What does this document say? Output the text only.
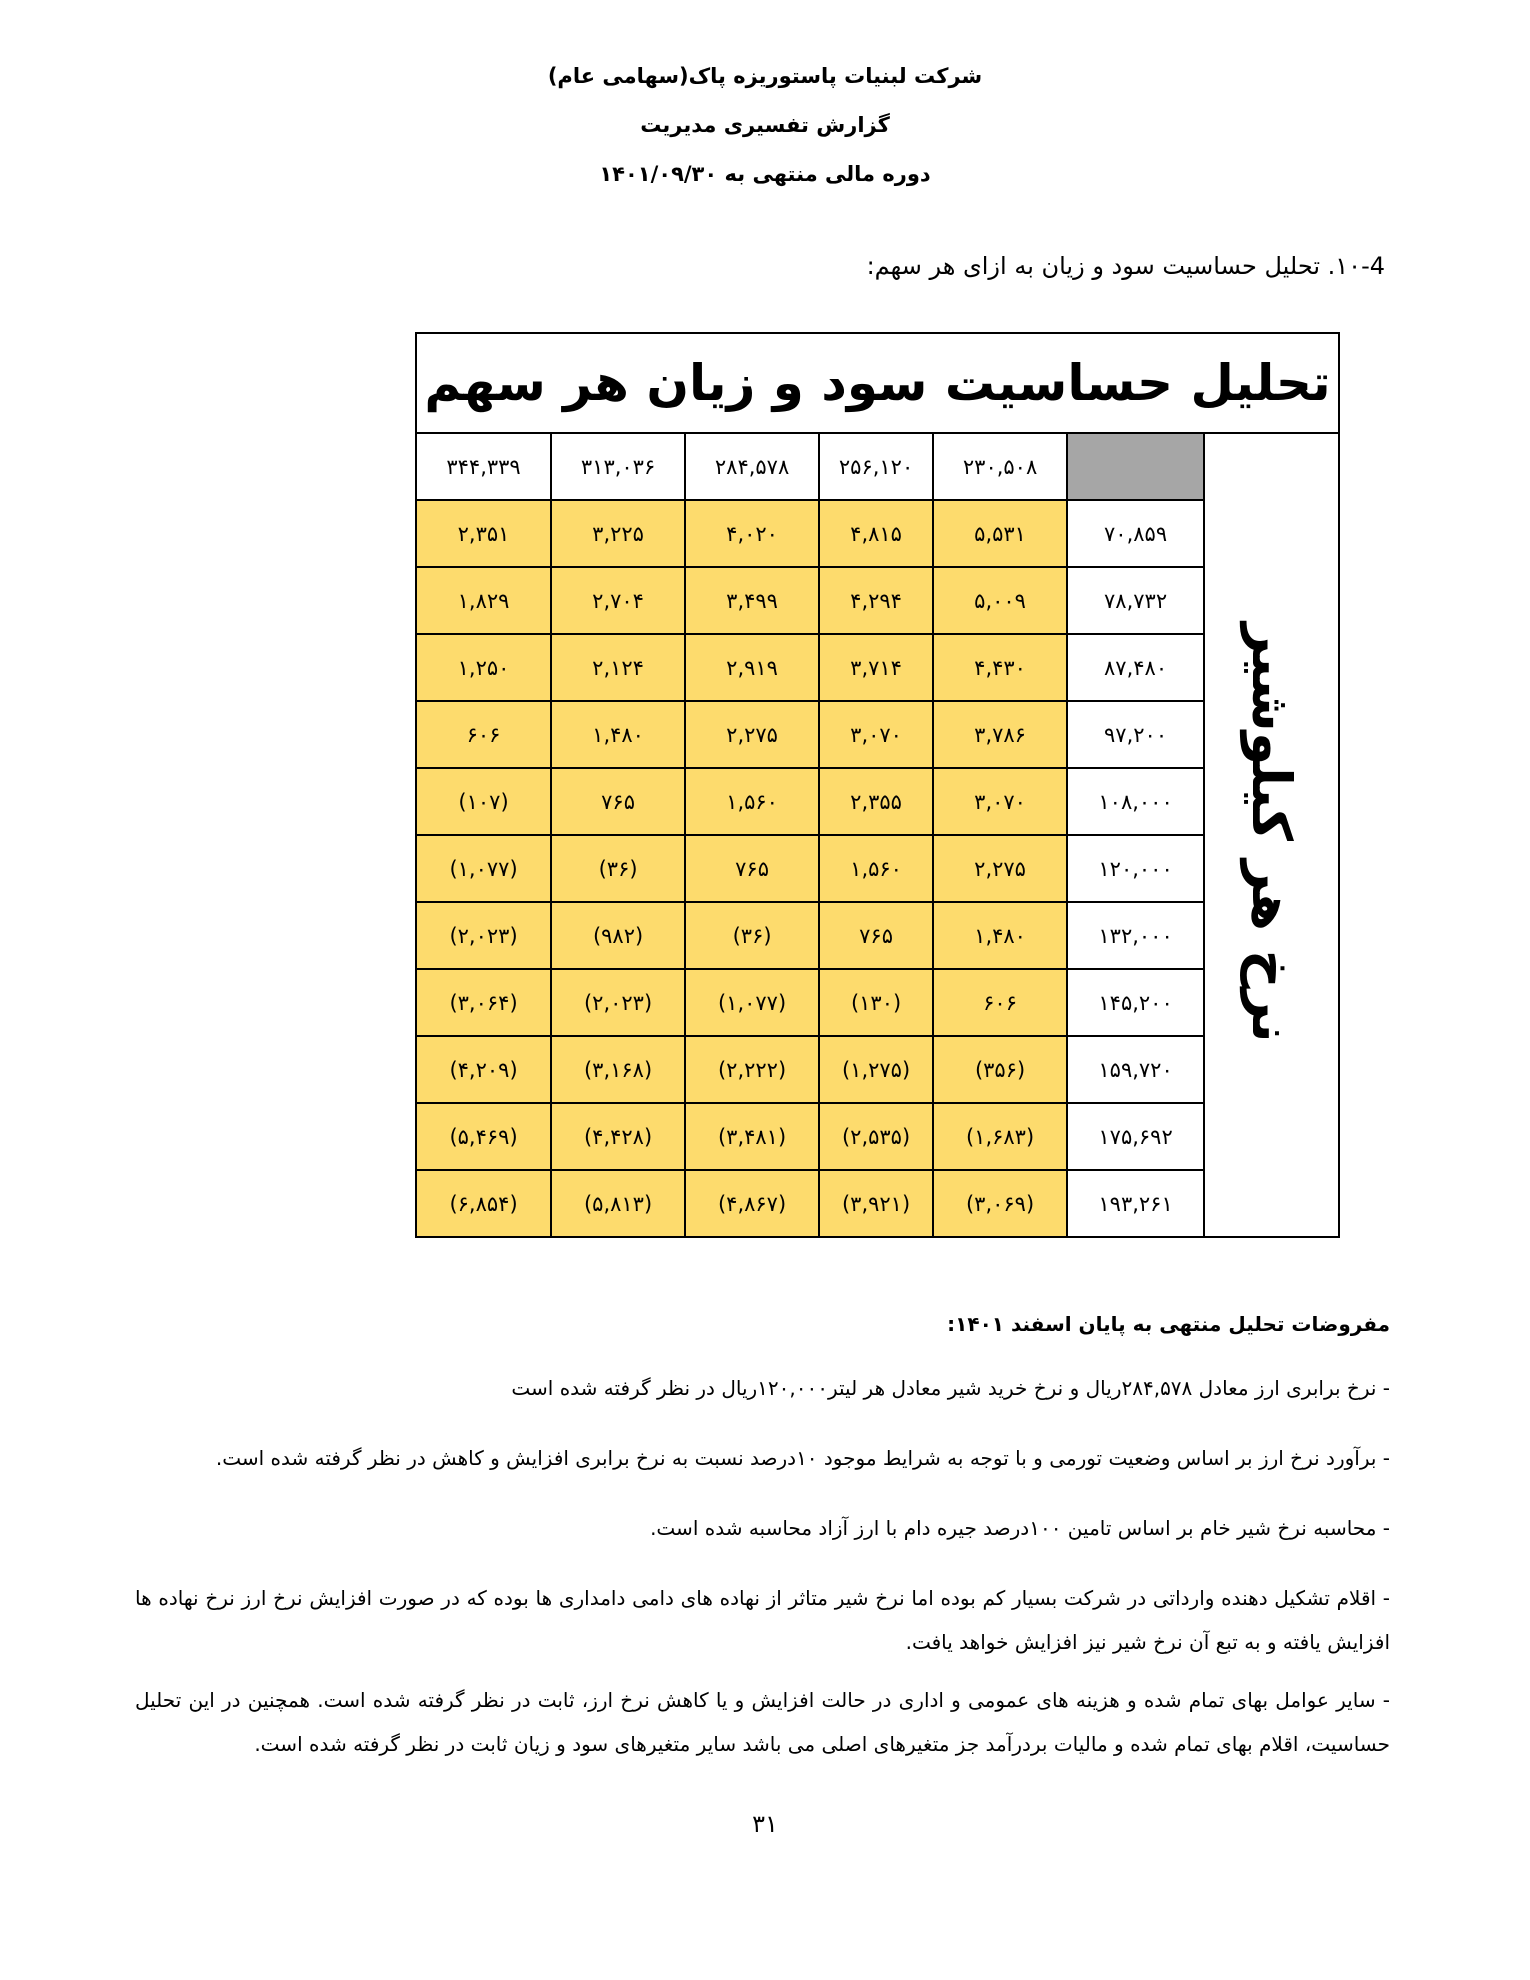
شرکت لبنیات پاستوریزه پاک(سهامی عام)
گزارش تفسیری مدیریت
دوره مالی منتهی به ۱۴۰۱/۰۹/۳۰
۱۰-4. تحلیل حساسیت سود و زیان به ازای هر سهم:
تحلیل حساسیت سود و زیان هر سهم						
نرخ هر کیلوشیر		۲۳۰,۵۰۸	۲۵۶,۱۲۰	۲۸۴,۵۷۸	۳۱۳,۰۳۶	۳۴۴,۳۳۹
	۷۰,۸۵۹	۵,۵۳۱	۴,۸۱۵	۴,۰۲۰	۳,۲۲۵	۲,۳۵۱
	۷۸,۷۳۲	۵,۰۰۹	۴,۲۹۴	۳,۴۹۹	۲,۷۰۴	۱,۸۲۹
	۸۷,۴۸۰	۴,۴۳۰	۳,۷۱۴	۲,۹۱۹	۲,۱۲۴	۱,۲۵۰
	۹۷,۲۰۰	۳,۷۸۶	۳,۰۷۰	۲,۲۷۵	۱,۴۸۰	۶۰۶
	۱۰۸,۰۰۰	۳,۰۷۰	۲,۳۵۵	۱,۵۶۰	۷۶۵	(۱۰۷)
	۱۲۰,۰۰۰	۲,۲۷۵	۱,۵۶۰	۷۶۵	(۳۶)	(۱,۰۷۷)
	۱۳۲,۰۰۰	۱,۴۸۰	۷۶۵	(۳۶)	(۹۸۲)	(۲,۰۲۳)
	۱۴۵,۲۰۰	۶۰۶	(۱۳۰)	(۱,۰۷۷)	(۲,۰۲۳)	(۳,۰۶۴)
	۱۵۹,۷۲۰	(۳۵۶)	(۱,۲۷۵)	(۲,۲۲۲)	(۳,۱۶۸)	(۴,۲۰۹)
	۱۷۵,۶۹۲	(۱,۶۸۳)	(۲,۵۳۵)	(۳,۴۸۱)	(۴,۴۲۸)	(۵,۴۶۹)
	۱۹۳,۲۶۱	(۳,۰۶۹)	(۳,۹۲۱)	(۴,۸۶۷)	(۵,۸۱۳)	(۶,۸۵۴)
مفروضات تحلیل منتهی به پایان اسفند ۱۴۰۱:
- نرخ برابری ارز معادل ۲۸۴,۵۷۸ریال و نرخ خرید شیر معادل هر لیتر۱۲۰,۰۰۰ریال در نظر گرفته شده است
- برآورد نرخ ارز بر اساس وضعیت تورمی و با توجه به شرایط موجود ۱۰درصد نسبت به نرخ برابری افزایش و کاهش در نظر گرفته شده است.
- محاسبه نرخ شیر خام بر اساس تامین ۱۰۰درصد جیره دام با ارز آزاد محاسبه شده است.
- اقلام تشکیل دهنده وارداتی در شرکت بسیار کم بوده اما نرخ شیر متاثر از نهاده های دامی دامداری ها بوده که در صورت افزایش نرخ ارز نرخ نهاده ها افزایش یافته و به تبع آن نرخ شیر نیز افزایش خواهد یافت.
- سایر عوامل بهای تمام شده و هزینه های عمومی و اداری در حالت افزایش و یا کاهش نرخ ارز، ثابت در نظر گرفته شده است. همچنین در این تحلیل حساسیت، اقلام بهای تمام شده و مالیات بردرآمد جز متغیرهای اصلی می باشد سایر متغیرهای سود و زیان ثابت در نظر گرفته شده است.
۳۱
